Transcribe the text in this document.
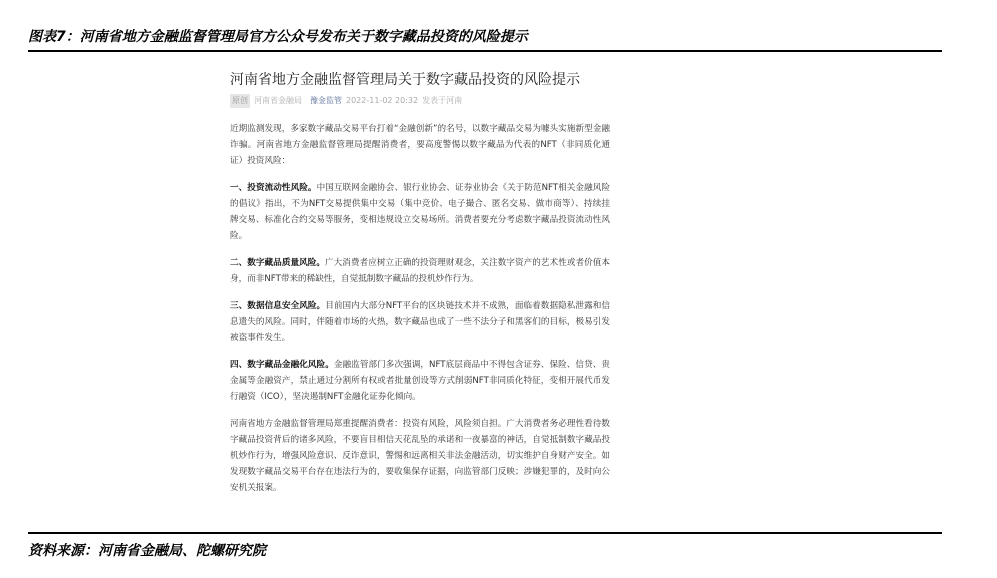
图表7：河南省地方金融监督管理局官方公众号发布关于数字藏品投资的风险提示
河南省地方金融监督管理局关于数字藏品投资的风险提示
原创 河南省金融局 豫金监管 2022-11-02 20:32 发表于河南

近期监测发现，多家数字藏品交易平台打着“金融创新”的名号，以数字藏品交易为噱头实施新型金融诈骗。河南省地方金融监督管理局提醒消费者，要高度警惕以数字藏品为代表的NFT（非同质化通证）投资风险：

一、投资流动性风险。中国互联网金融协会、银行业协会、证券业协会《关于防范NFT相关金融风险的倡议》指出，不为NFT交易提供集中交易（集中竞价、电子撮合、匿名交易、做市商等）、持续挂牌交易、标准化合约交易等服务，变相违规设立交易场所。消费者要充分考虑数字藏品投资流动性风险。

二、数字藏品质量风险。广大消费者应树立正确的投资理财观念，关注数字资产的艺术性或者价值本身，而非NFT带来的稀缺性，自觉抵制数字藏品的投机炒作行为。

三、数据信息安全风险。目前国内大部分NFT平台的区块链技术并不成熟，面临着数据隐私泄露和信息遗失的风险。同时，伴随着市场的火热，数字藏品也成了一些不法分子和黑客们的目标，极易引发被盗事件发生。

四、数字藏品金融化风险。金融监管部门多次强调，NFT底层商品中不得包含证券、保险、信贷、贵金属等金融资产，禁止通过分割所有权或者批量创设等方式削弱NFT非同质化特征，变相开展代币发行融资（ICO），坚决遏制NFT金融化证券化倾向。

河南省地方金融监督管理局郑重提醒消费者：投资有风险，风险须自担。广大消费者务必理性看待数字藏品投资背后的诸多风险，不要盲目相信天花乱坠的承诺和一夜暴富的神话，自觉抵制数字藏品投机炒作行为，增强风险意识、反诈意识，警惕和远离相关非法金融活动，切实维护自身财产安全。如发现数字藏品交易平台存在违法行为的，要收集保存证据，向监管部门反映；涉嫌犯罪的，及时向公安机关报案。

资料来源：河南省金融局、陀螺研究院
